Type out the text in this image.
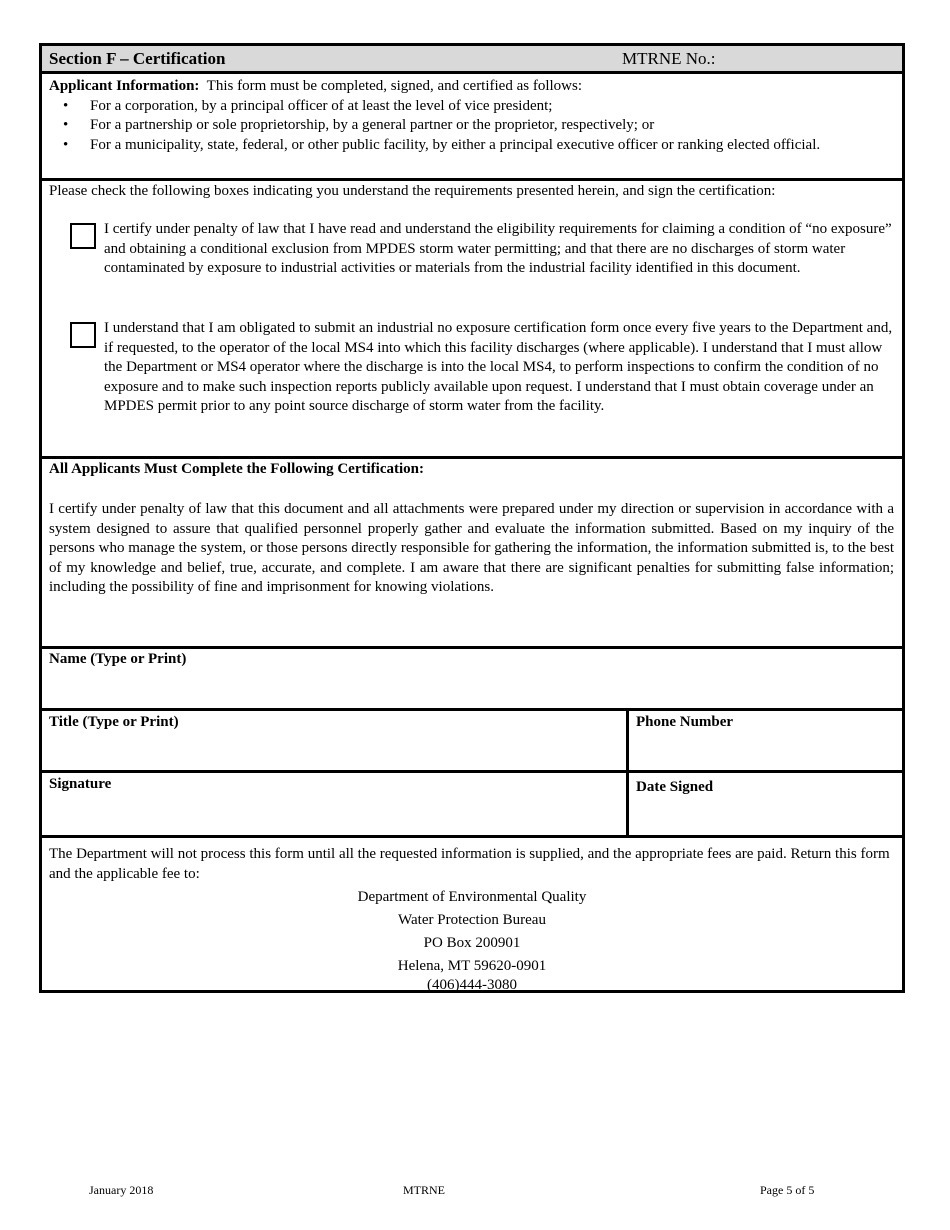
Section F – Certification	MTRNE No.:

Applicant Information: This form must be completed, signed, and certified as follows:

• For a corporation, by a principal officer of at least the level of vice president;
• For a partnership or sole proprietorship, by a general partner or the proprietor, respectively; or
• For a municipality, state, federal, or other public facility, by either a principal executive officer or ranking elected official.
Please check the following boxes indicating you understand the requirements presented herein, and sign the certification:
I certify under penalty of law that I have read and understand the eligibility requirements for claiming a condition of “no exposure” and obtaining a conditional exclusion from MPDES storm water permitting; and that there are no discharges of storm water contaminated by exposure to industrial activities or materials from the industrial facility identified in this document.
I understand that I am obligated to submit an industrial no exposure certification form once every five years to the Department and, if requested, to the operator of the local MS4 into which this facility discharges (where applicable). I understand that I must allow the Department or MS4 operator where the discharge is into the local MS4, to perform inspections to confirm the condition of no exposure and to make such inspection reports publicly available upon request. I understand that I must obtain coverage under an MPDES permit prior to any point source discharge of storm water from the facility.
All Applicants Must Complete the Following Certification:

I certify under penalty of law that this document and all attachments were prepared under my direction or supervision in accordance with a system designed to assure that qualified personnel properly gather and evaluate the information submitted. Based on my inquiry of the persons who manage the system, or those persons directly responsible for gathering the information, the information submitted is, to the best of my knowledge and belief, true, accurate, and complete. I am aware that there are significant penalties for submitting false information; including the possibility of fine and imprisonment for knowing violations.

Name (Type or Print)
Title (Type or Print)	Phone Number
Signature	Date Signed

The Department will not process this form until all the requested information is supplied, and the appropriate fees are paid. Return this form and the applicable fee to:

Department of Environmental Quality
Water Protection Bureau
PO Box 200901
Helena, MT 59620-0901
(406)444-3080
January 2018	MTRNE	Page 5 of 5
